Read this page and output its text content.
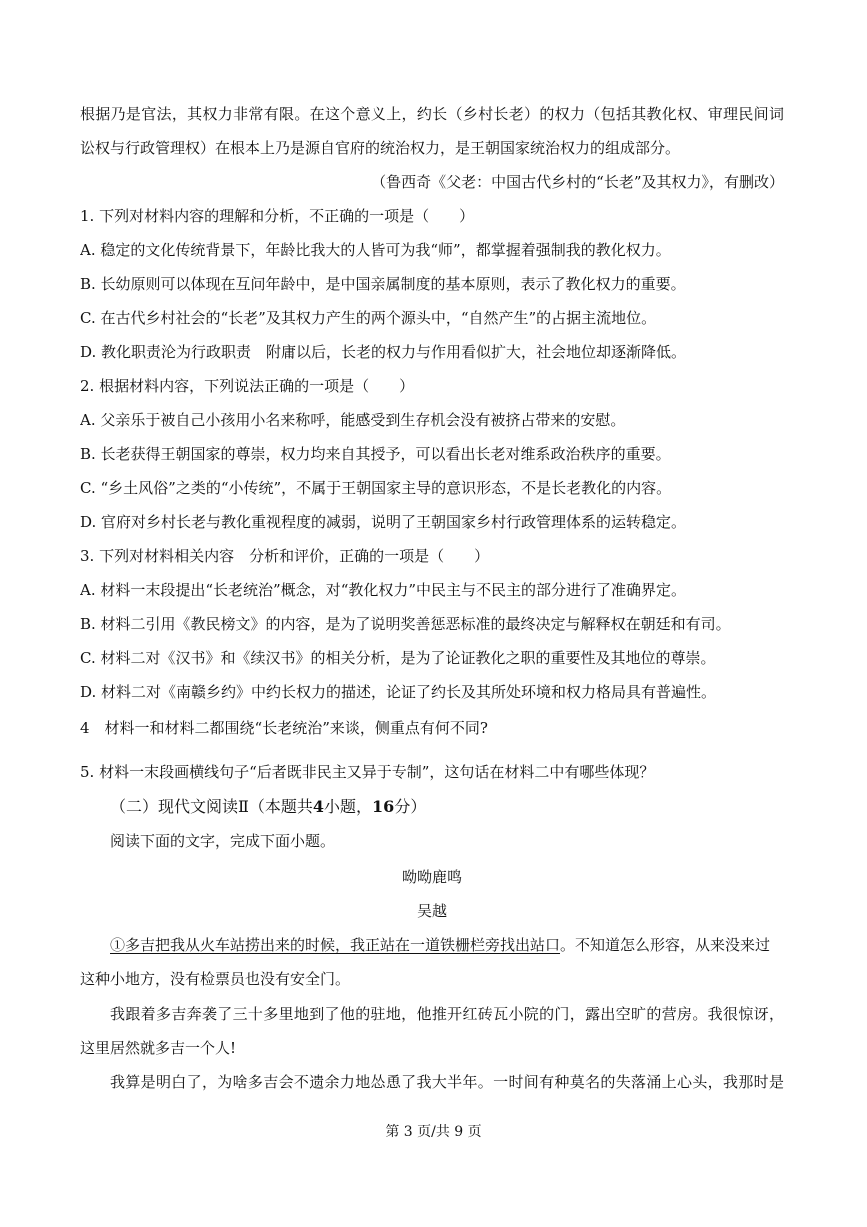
根据乃是官法，其权力非常有限。在这个意义上，约长（乡村长老）的权力（包括其教化权、审理民间词
讼权与行政管理权）在根本上乃是源自官府的统治权力，是王朝国家统治权力的组成部分。
（鲁西奇《父老：中国古代乡村的“长老”及其权力》，有删改）
1. 下列对材料内容的理解和分析，不正确的一项是（　　）
A. 稳定的文化传统背景下，年龄比我大的人皆可为我“师”，都掌握着强制我的教化权力。
B. 长幼原则可以体现在互问年龄中，是中国亲属制度的基本原则，表示了教化权力的重要。
C. 在古代乡村社会的“长老”及其权力产生的两个源头中，“自然产生”的占据主流地位。
D. 教化职责沦为行政职责　附庸以后，长老的权力与作用看似扩大，社会地位却逐渐降低。
2. 根据材料内容，下列说法正确的一项是（　　）
A. 父亲乐于被自己小孩用小名来称呼，能感受到生存机会没有被挤占带来的安慰。
B. 长老获得王朝国家的尊崇，权力均来自其授予，可以看出长老对维系政治秩序的重要。
C. “乡土风俗”之类的“小传统”，不属于王朝国家主导的意识形态，不是长老教化的内容。
D. 官府对乡村长老与教化重视程度的减弱，说明了王朝国家乡村行政管理体系的运转稳定。
3. 下列对材料相关内容　分析和评价，正确的一项是（　　）
A. 材料一末段提出“长老统治”概念，对“教化权力”中民主与不民主的部分进行了准确界定。
B. 材料二引用《教民榜文》的内容，是为了说明奖善惩恶标准的最终决定与解释权在朝廷和有司。
C. 材料二对《汉书》和《续汉书》的相关分析，是为了论证教化之职的重要性及其地位的尊崇。
D. 材料二对《南赣乡约》中约长权力的描述，论证了约长及其所处环境和权力格局具有普遍性。
4　材料一和材料二都围绕“长老统治”来谈，侧重点有何不同?
5. 材料一末段画横线句子“后者既非民主又异于专制”，这句话在材料二中有哪些体现？
（二）现代文阅读Ⅱ（本题共4小题，16分）
阅读下面的文字，完成下面小题。
呦呦鹿鸣
吴越
①多吉把我从火车站捞出来的时候，我正站在一道铁栅栏旁找出站口。不知道怎么形容，从来没来过
这种小地方，没有检票员也没有安全门。
我跟着多吉奔袭了三十多里地到了他的驻地，他推开红砖瓦小院的门，露出空旷的营房。我很惊讶，
这里居然就多吉一个人!
我算是明白了，为啥多吉会不遗余力地怂恿了我大半年。一时间有种莫名的失落涌上心头，我那时是
第 3 页/共 9 页
